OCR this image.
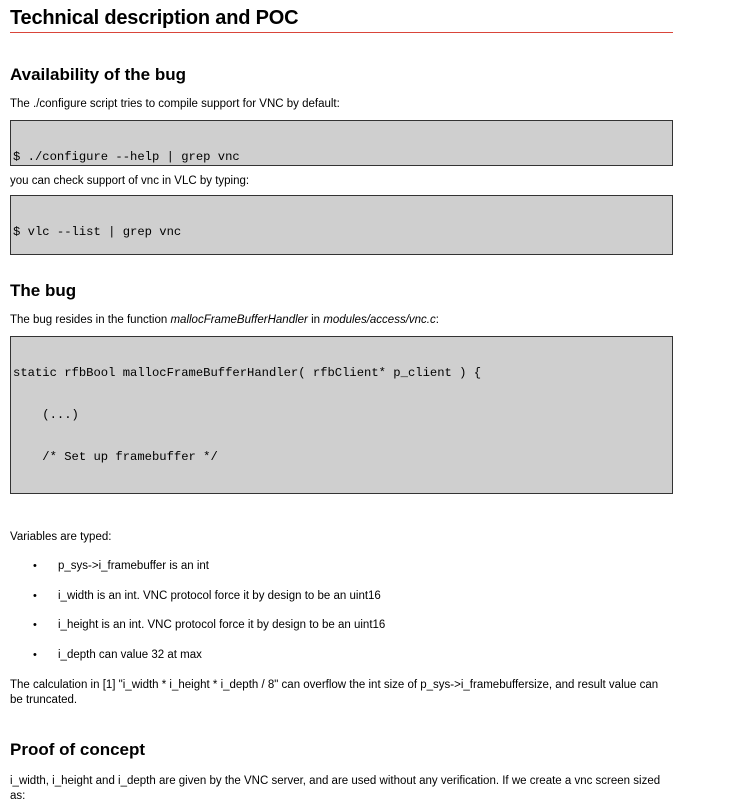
Technical description and POC
Availability of the bug

The ./configure script tries to compile support for VNC by default:

$ ./configure --help | grep vnc

you can check support of vnc in VLC by typing:

$ vlc --list | grep vnc

The bug

The bug resides in the function mallocFrameBufferHandler in modules/access/vnc.c:

static rfbBool mallocFrameBufferHandler( rfbClient* p_client ) {

(...)

/* Set up framebuffer */

Variables are typed:

• p_sys->i_framebuffer is an int
• i_width is an int. VNC protocol force it by design to be an uint16
• i_height is an int. VNC protocol force it by design to be an uint16
• i_depth can value 32 at max

The calculation in [1] "i_width * i_height * i_depth / 8" can overflow the int size of p_sys->i_framebuffersize, and result value can be truncated.

Proof of concept

i_width, i_height and i_depth are given by the VNC server, and are used without any verification. If we create a vnc screen sized as:
